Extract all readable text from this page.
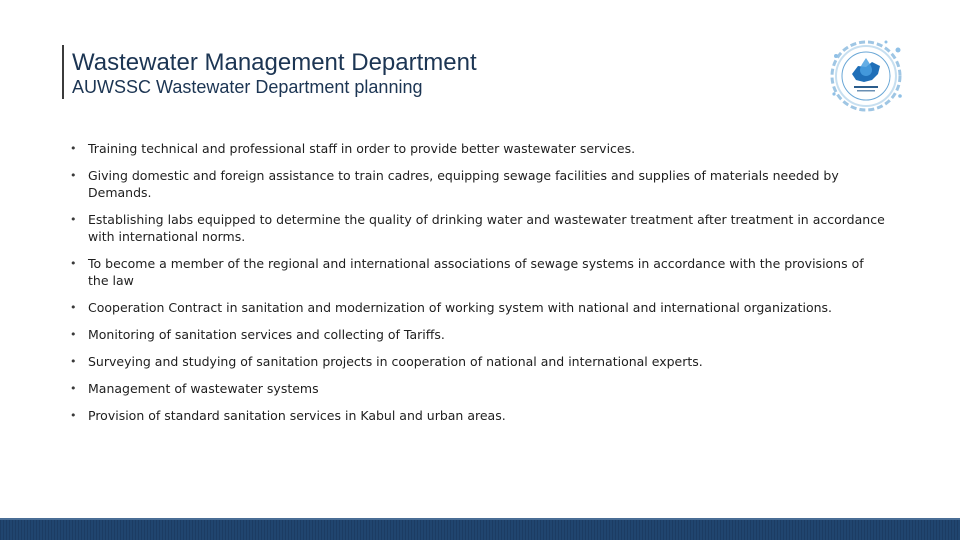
Wastewater Management Department
AUWSSC Wastewater Department planning
• Training technical and professional staff in order to provide better wastewater services.
• Giving domestic and foreign assistance to train cadres, equipping sewage facilities and supplies of materials needed by Demands.
• Establishing labs equipped to determine the quality of drinking water and wastewater treatment after treatment in accordance with international norms.
• To become a member of the regional and international associations of sewage systems in accordance with the provisions of the law
• Cooperation Contract in sanitation and modernization of working system with national and international organizations.
• Monitoring of sanitation services and collecting of Tariffs.
• Surveying and studying of sanitation projects in cooperation of national and international experts.
• Management of wastewater systems
• Provision of standard sanitation services in Kabul and urban areas.
